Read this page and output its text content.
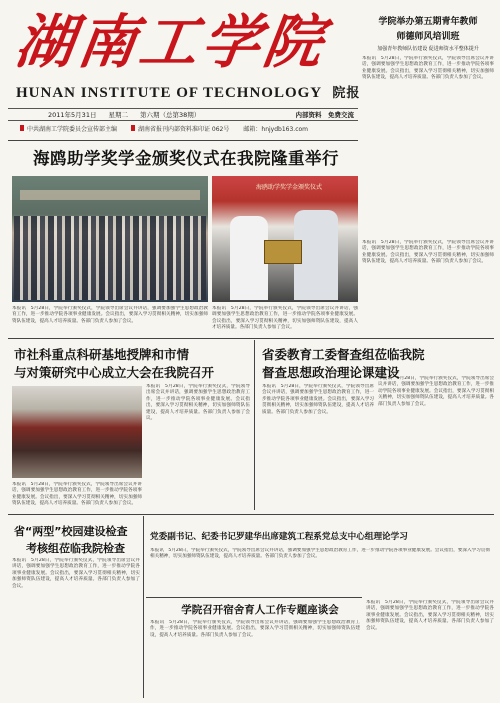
湖南工学院
HUNAN INSTITUTE OF TECHNOLOGY 院报
2011年5月31日 星期二 第六期（总第38期）	内部资料　免费交流
中共湖南工学院委员会宣传部主编	湖南省报刊内部资料准印证 062号 邮箱：hnjydb163.com
学院举办第五期青年教师
师德师风培训班
加强青年教师队伍建设 促进师资水平整体提升
本报讯　5月28日，学院举行颁奖仪式，学院领导出席会议并讲话，强调要加强学生思想政治教育工作，进一步推动学院各项事业健康发展。会议指出，要深入学习贯彻相关精神，切实加强师资队伍建设，提高人才培养质量。各部门负责人参加了会议。
本报讯　5月28日，学院举行颁奖仪式，学院领导出席会议并讲话，强调要加强学生思想政治教育工作，进一步推动学院各项事业健康发展。会议指出，要深入学习贯彻相关精神，切实加强师资队伍建设，提高人才培养质量。各部门负责人参加了会议。
海鸥助学奖学金颁奖仪式在我院隆重举行
海鸥助学奖学金颁奖仪式
本报讯　5月28日，学院举行颁奖仪式，学院领导出席会议并讲话，强调要加强学生思想政治教育工作，进一步推动学院各项事业健康发展。会议指出，要深入学习贯彻相关精神，切实加强师资队伍建设，提高人才培养质量。各部门负责人参加了会议。
本报讯　5月28日，学院举行颁奖仪式，学院领导出席会议并讲话，强调要加强学生思想政治教育工作，进一步推动学院各项事业健康发展。会议指出，要深入学习贯彻相关精神，切实加强师资队伍建设，提高人才培养质量。各部门负责人参加了会议。
市社科重点科研基地授牌和市情
与对策研究中心成立大会在我院召开
本报讯　5月28日，学院举行颁奖仪式，学院领导出席会议并讲话，强调要加强学生思想政治教育工作，进一步推动学院各项事业健康发展。会议指出，要深入学习贯彻相关精神，切实加强师资队伍建设，提高人才培养质量。各部门负责人参加了会议。
本报讯　5月28日，学院举行颁奖仪式，学院领导出席会议并讲话，强调要加强学生思想政治教育工作，进一步推动学院各项事业健康发展。会议指出，要深入学习贯彻相关精神，切实加强师资队伍建设，提高人才培养质量。各部门负责人参加了会议。
省委教育工委督查组莅临我院
督查思想政治理论课建设
本报讯　5月28日，学院举行颁奖仪式，学院领导出席会议并讲话，强调要加强学生思想政治教育工作，进一步推动学院各项事业健康发展。会议指出，要深入学习贯彻相关精神，切实加强师资队伍建设，提高人才培养质量。各部门负责人参加了会议。
本报讯　5月28日，学院举行颁奖仪式，学院领导出席会议并讲话，强调要加强学生思想政治教育工作，进一步推动学院各项事业健康发展。会议指出，要深入学习贯彻相关精神，切实加强师资队伍建设，提高人才培养质量。各部门负责人参加了会议。
省“两型”校园建设检查
考核组莅临我院检查
本报讯　5月28日，学院举行颁奖仪式，学院领导出席会议并讲话，强调要加强学生思想政治教育工作，进一步推动学院各项事业健康发展。会议指出，要深入学习贯彻相关精神，切实加强师资队伍建设，提高人才培养质量。各部门负责人参加了会议。
党委副书记、纪委书记罗建华出席建筑工程系党总支中心组理论学习
本报讯　5月28日，学院举行颁奖仪式，学院领导出席会议并讲话，强调要加强学生思想政治教育工作，进一步推动学院各项事业健康发展。会议指出，要深入学习贯彻相关精神，切实加强师资队伍建设，提高人才培养质量。各部门负责人参加了会议。
学院召开宿舍育人工作专题座谈会
本报讯　5月28日，学院举行颁奖仪式，学院领导出席会议并讲话，强调要加强学生思想政治教育工作，进一步推动学院各项事业健康发展。会议指出，要深入学习贯彻相关精神，切实加强师资队伍建设，提高人才培养质量。各部门负责人参加了会议。
本报讯　5月28日，学院举行颁奖仪式，学院领导出席会议并讲话，强调要加强学生思想政治教育工作，进一步推动学院各项事业健康发展。会议指出，要深入学习贯彻相关精神，切实加强师资队伍建设，提高人才培养质量。各部门负责人参加了会议。
